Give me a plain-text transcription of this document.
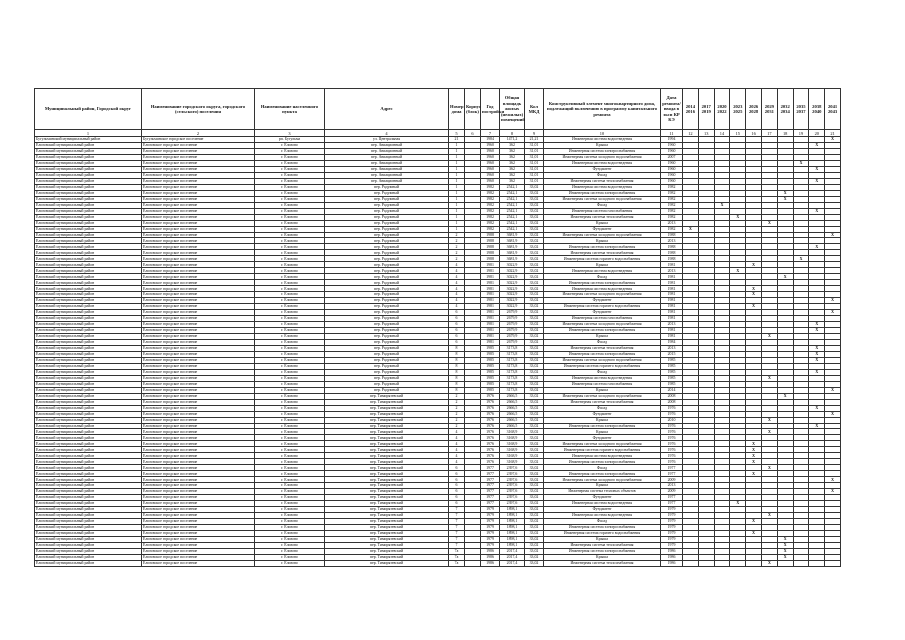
Муниципальный район, Городской округ	Наименование городского округа, городского (сельского) поселения	Наименование населенного пункта	Адрес	Номер дома	Корпус (блок)	Год постройки	Общая площадь жилых (нежилых) помещений	Кол МКД	Конструктивный элемент многоквартирного дома, подлежащий включению в программу капитального ремонта	Дата ремонта/ввода в эксп КР КЭ	2014 2016	2017 2019	2020 2022	2023 2025	2026 2028	2029 2031	2032 2034	2035 2037	2038 2040	2041 2043
1	2	3	4	5	6	7	8	9	10	11	12	13	14	15	16	17	18	19	20	21
Бугульминский муниципальный район	Бугульминское городское поселение	рп. Бугульма	ул. Центральная	21		1984	1471,2	21,21	Инженерная система водоотведения	1994										X
Елизовский муниципальный район	Елизовское городское поселение	г. Елизово	пер. Авиационный	1		1960	362	31,01	Крыша	1960									X	
Елизовский муниципальный район	Елизовское городское поселение	г. Елизово	пер. Авиационный	1		1960	362	31,01	Инженерная система электроснабжения	1960										
Елизовский муниципальный район	Елизовское городское поселение	г. Елизово	пер. Авиационный	1		1960	362	31,01	Инженерная система холодного водоснабжения	2007										
Елизовский муниципальный район	Елизовское городское поселение	г. Елизово	пер. Авиационный	1		1960	362	31,01	Инженерная система водоотведения	1960								X		
Елизовский муниципальный район	Елизовское городское поселение	г. Елизово	пер. Авиационный	1		1960	362	31,01	Фундамент	1960									X	
Елизовский муниципальный район	Елизовское городское поселение	г. Елизово	пер. Авиационный	1		1960	362	31,01	Фасад	1960										
Елизовский муниципальный район	Елизовское городское поселение	г. Елизово	пер. Авиационный	1		1960	362	31,01	Инженерная система теплоснабжения	1960									X	
Елизовский муниципальный район	Елизовское городское поселение	г. Елизово	пер. Радужный	1		1982	2542,1	33,02	Инженерная система водоотведения	1982										
Елизовский муниципальный район	Елизовское городское поселение	г. Елизово	пер. Радужный	1		1982	2542,1	33,02	Инженерная система электроснабжения	1982							X			
Елизовский муниципальный район	Елизовское городское поселение	г. Елизово	пер. Радужный	1		1982	2542,1	33,02	Инженерная система холодного водоснабжения	1982							X			
Елизовский муниципальный район	Елизовское городское поселение	г. Елизово	пер. Радужный	1		1982	2542,1	33,02	Фасад	1982			X							
Елизовский муниципальный район	Елизовское городское поселение	г. Елизово	пер. Радужный	1		1982	2542,1	33,02	Инженерная система газоснабжения	1982									X	
Елизовский муниципальный район	Елизовское городское поселение	г. Елизово	пер. Радужный	1		1982	2542,1	33,02	Инженерная система теплоснабжения	1982				X						
Елизовский муниципальный район	Елизовское городское поселение	г. Елизово	пер. Радужный	1		1982	2542,1	33,02	Крыша	2013						X				
Елизовский муниципальный район	Елизовское городское поселение	г. Елизово	пер. Радужный	1		1982	2542,1	33,02	Фундамент	1982	X									
Елизовский муниципальный район	Елизовское городское поселение	г. Елизово	пер. Радужный	2		1988	3681,9	33,02	Инженерная система холодного водоснабжения	1988										X
Елизовский муниципальный район	Елизовское городское поселение	г. Елизово	пер. Радужный	2		1988	3681,9	33,02	Крыша	2013										
Елизовский муниципальный район	Елизовское городское поселение	г. Елизово	пер. Радужный	2		1988	3681,9	33,02	Инженерная система электроснабжения	1988									X	
Елизовский муниципальный район	Елизовское городское поселение	г. Елизово	пер. Радужный	2		1988	3681,9	33,02	Инженерная система теплоснабжения	1988										
Елизовский муниципальный район	Елизовское городское поселение	г. Елизово	пер. Радужный	2		1988	3681,9	33,02	Инженерная система горячего водоснабжения	1988								X		
Елизовский муниципальный район	Елизовское городское поселение	г. Елизово	пер. Радужный	4		1981	3022,9	33,02	Крыша	1981					X					
Елизовский муниципальный район	Елизовское городское поселение	г. Елизово	пер. Радужный	4		1981	3022,9	33,02	Инженерная система водоотведения	2013				X						
Елизовский муниципальный район	Елизовское городское поселение	г. Елизово	пер. Радужный	4		1981	3022,9	33,02	Фасад	1981							X			
Елизовский муниципальный район	Елизовское городское поселение	г. Елизово	пер. Радужный	4		1981	3022,9	33,02	Инженерная система электроснабжения	1981										
Елизовский муниципальный район	Елизовское городское поселение	г. Елизово	пер. Радужный	4		1981	3022,9	33,02	Инженерная система водоотведения	1981					X					
Елизовский муниципальный район	Елизовское городское поселение	г. Елизово	пер. Радужный	4		1981	3022,9	33,02	Инженерная система холодного водоснабжения	1981					X					
Елизовский муниципальный район	Елизовское городское поселение	г. Елизово	пер. Радужный	4		1981	3022,9	33,02	Фундамент	1981										X
Елизовский муниципальный район	Елизовское городское поселение	г. Елизово	пер. Радужный	4		1981	3022,9	33,02	Инженерная система горячего водоснабжения	1981					X					
Елизовский муниципальный район	Елизовское городское поселение	г. Елизово	пер. Радужный	6		1981	2679,9	33,02	Фундамент	1981										X
Елизовский муниципальный район	Елизовское городское поселение	г. Елизово	пер. Радужный	6		1981	2679,9	33,02	Инженерная система газоснабжения	1981										
Елизовский муниципальный район	Елизовское городское поселение	г. Елизово	пер. Радужный	6		1981	2679,9	33,02	Инженерная система холодного водоснабжения	2013									X	
Елизовский муниципальный район	Елизовское городское поселение	г. Елизово	пер. Радужный	6		1981	2679,9	33,02	Инженерная система электроснабжения	1981									X	
Елизовский муниципальный район	Елизовское городское поселение	г. Елизово	пер. Радужный	6		1981	2679,9	33,02	Крыша	1981						X				
Елизовский муниципальный район	Елизовское городское поселение	г. Елизово	пер. Радужный	6		1981	2679,9	33,02	Фасад	1984										
Елизовский муниципальный район	Елизовское городское поселение	г. Елизово	пер. Радужный	8		1985	3173,8	33,02	Инженерная система теплоснабжения	2013									X	
Елизовский муниципальный район	Елизовское городское поселение	г. Елизово	пер. Радужный	8		1985	3173,8	33,02	Инженерная система электроснабжения	2015									X	
Елизовский муниципальный район	Елизовское городское поселение	г. Елизово	пер. Радужный	8		1985	3173,8	33,02	Инженерная система холодного водоснабжения	1985									X	
Елизовский муниципальный район	Елизовское городское поселение	г. Елизово	пер. Радужный	8		1985	3173,8	33,02	Инженерная система горячего водоснабжения	1985										
Елизовский муниципальный район	Елизовское городское поселение	г. Елизово	пер. Радужный	8		1985	3173,8	33,02	Фасад	1985									X	
Елизовский муниципальный район	Елизовское городское поселение	г. Елизово	пер. Радужный	8		1985	3173,8	33,02	Инженерная система водоотведения	1985						X				
Елизовский муниципальный район	Елизовское городское поселение	г. Елизово	пер. Радужный	8		1985	3173,8	33,02	Инженерная система газоснабжения	1985										
Елизовский муниципальный район	Елизовское городское поселение	г. Елизово	пер. Радужный	8		1985	3173,8	33,02	Крыша	2014										X
Елизовский муниципальный район	Елизовское городское поселение	г. Елизово	пер. Тимирязевский	2		1976	2666,5	33,02	Инженерная система холодного водоснабжения	2008							X			
Елизовский муниципальный район	Елизовское городское поселение	г. Елизово	пер. Тимирязевский	2		1976	2666,5	33,02	Инженерная система теплоснабжения	2008										
Елизовский муниципальный район	Елизовское городское поселение	г. Елизово	пер. Тимирязевский	2		1976	2666,5	33,02	Фасад	1976									X	
Елизовский муниципальный район	Елизовское городское поселение	г. Елизово	пер. Тимирязевский	2		1976	2666,5	33,02	Фундамент	1976										X
Елизовский муниципальный район	Елизовское городское поселение	г. Елизово	пер. Тимирязевский	2		1976	2666,5	33,02	Крыша	2010						X				
Елизовский муниципальный район	Елизовское городское поселение	г. Елизово	пер. Тимирязевский	2		1976	2666,5	33,02	Инженерная система электроснабжения	1976									X	
Елизовский муниципальный район	Елизовское городское поселение	г. Елизово	пер. Тимирязевский	4		1976	3168,9	33,02	Крыша	1976						X				
Елизовский муниципальный район	Елизовское городское поселение	г. Елизово	пер. Тимирязевский	4		1976	3168,9	33,02	Фундамент	1976										
Елизовский муниципальный район	Елизовское городское поселение	г. Елизово	пер. Тимирязевский	4		1976	3168,9	33,02	Инженерная система холодного водоснабжения	1976					X					
Елизовский муниципальный район	Елизовское городское поселение	г. Елизово	пер. Тимирязевский	4		1976	3168,9	33,02	Инженерная система горячего водоснабжения	1976					X					
Елизовский муниципальный район	Елизовское городское поселение	г. Елизово	пер. Тимирязевский	4		1976	3168,9	33,02	Инженерная система водоотведения	1976					X					
Елизовский муниципальный район	Елизовское городское поселение	г. Елизово	пер. Тимирязевский	4		1976	3168,9	33,02	Инженерная система электроснабжения	1976					X					
Елизовский муниципальный район	Елизовское городское поселение	г. Елизово	пер. Тимирязевский	6		1977	2397,6	33,02	Фасад	1977						X				
Елизовский муниципальный район	Елизовское городское поселение	г. Елизово	пер. Тимирязевский	6		1977	2397,6	33,02	Инженерная система электроснабжения	1977					X					
Елизовский муниципальный район	Елизовское городское поселение	г. Елизово	пер. Тимирязевский	6		1977	2397,6	33,02	Инженерная система холодного водоснабжения	2009										X
Елизовский муниципальный район	Елизовское городское поселение	г. Елизово	пер. Тимирязевский	6		1977	2397,6	33,02	Крыша	2013										
Елизовский муниципальный район	Елизовское городское поселение	г. Елизово	пер. Тимирязевский	6		1977	2397,6	33,02	Инженерная система тепловых объектов	2009										X
Елизовский муниципальный район	Елизовское городское поселение	г. Елизово	пер. Тимирязевский	6		1977	2397,6	33,02	Фундамент	1977										
Елизовский муниципальный район	Елизовское городское поселение	г. Елизово	пер. Тимирязевский	6		1977	2397,6	33,02	Инженерная система водоотведения	1977				X						
Елизовский муниципальный район	Елизовское городское поселение	г. Елизово	пер. Тимирязевский	7		1979	1898,1	33,02	Фундамент	1979										
Елизовский муниципальный район	Елизовское городское поселение	г. Елизово	пер. Тимирязевский	7		1979	1898,1	33,02	Инженерная система водоотведения	1979						X				
Елизовский муниципальный район	Елизовское городское поселение	г. Елизово	пер. Тимирязевский	7		1979	1898,1	33,02	Фасад	1979					X					
Елизовский муниципальный район	Елизовское городское поселение	г. Елизово	пер. Тимирязевский	7		1979	1898,1	33,02	Инженерная система электроснабжения	1979										
Елизовский муниципальный район	Елизовское городское поселение	г. Елизово	пер. Тимирязевский	7		1979	1898,1	33,02	Инженерная система горячего водоснабжения	1979					X					
Елизовский муниципальный район	Елизовское городское поселение	г. Елизово	пер. Тимирязевский	7		1979	1898,1	33,02	Крыша	1979							X			
Елизовский муниципальный район	Елизовское городское поселение	г. Елизово	пер. Тимирязевский	7		1979	1898,1	33,02	Инженерная система теплоснабжения	1979							X			
Елизовский муниципальный район	Елизовское городское поселение	г. Елизово	пер. Тимирязевский	7а		1986	2017,4	33,02	Инженерная система электроснабжения	1986							X			
Елизовский муниципальный район	Елизовское городское поселение	г. Елизово	пер. Тимирязевский	7а		1986	2017,4	33,02	Крыша	1986							X			
Елизовский муниципальный район	Елизовское городское поселение	г. Елизово	пер. Тимирязевский	7а		1986	2017,4	33,02	Инженерная система теплоснабжения	1986						X				
